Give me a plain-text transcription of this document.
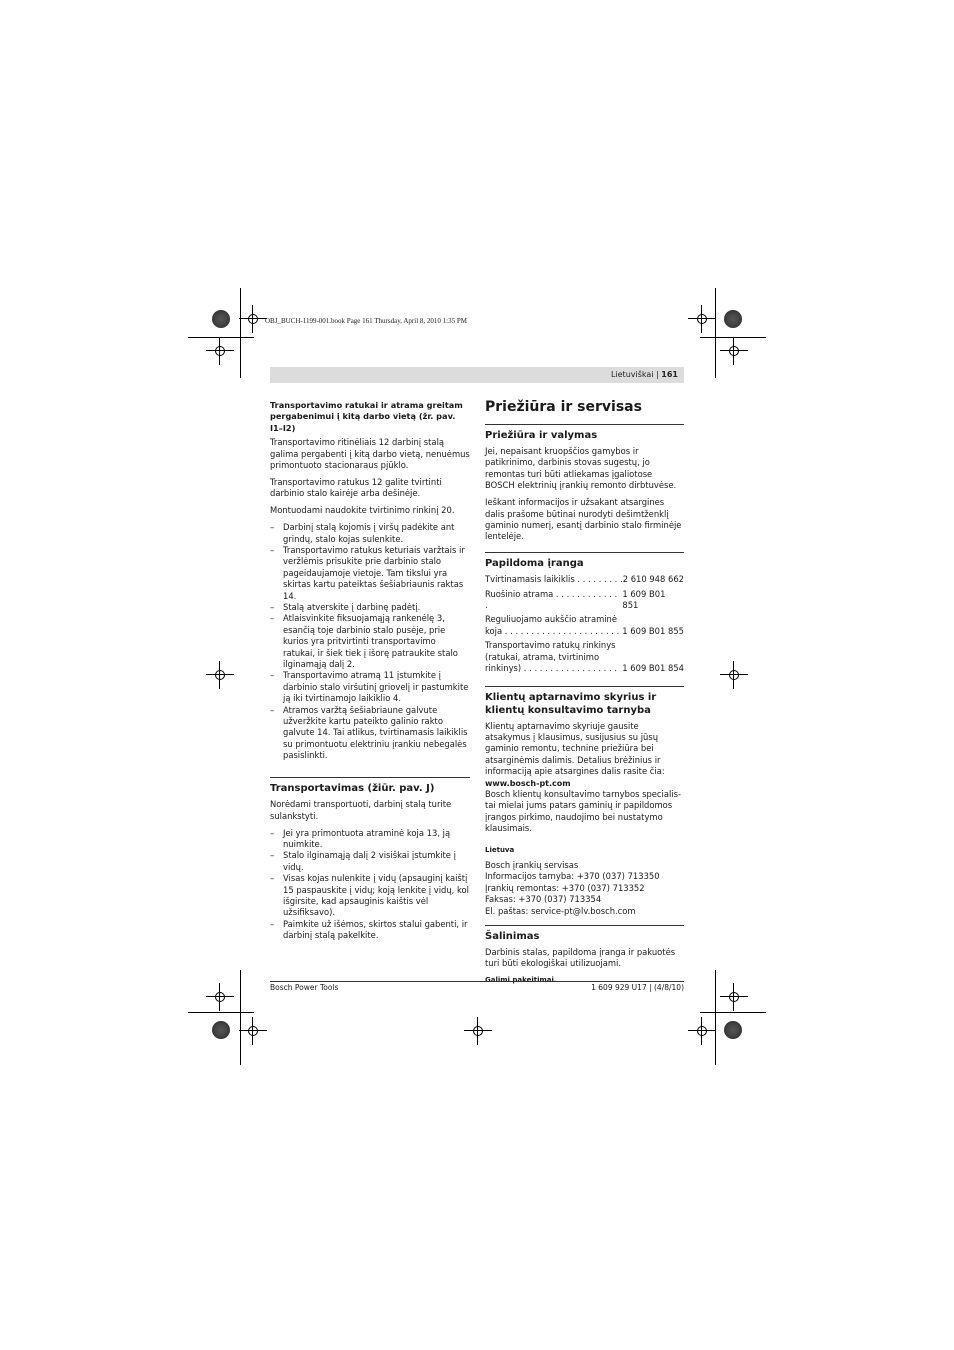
OBJ_BUCH-1199-001.book Page 161 Thursday, April 8, 2010 1:35 PM
Lietuviškai | 161
Transportavimo ratukai ir atrama greitam
pergabenimui į kitą darbo vietą (žr. pav. I1–I2)

Transportavimo ritinėliais 12 darbinį stalą galima pergabenti į kitą darbo vietą, nenuėmus primontuoto stacionaraus pjūklo.

Transportavimo ratukus 12 galite tvirtinti darbinio stalo kairėje arba dešinėje.

Montuodami naudokite tvirtinimo rinkinį 20.

– Darbinį stalą kojomis į viršų padėkite ant grindų, stalo kojas sulenkite.
– Transportavimo ratukus keturiais varžtais ir veržlėmis prisukite prie darbinio stalo pageidaujamoje vietoje. Tam tikslui yra skirtas kartu pateiktas šešiabriaunis raktas 14.
– Stalą atverskite į darbinę padėtį.
– Atlaisvinkite fiksuojamąją rankenėlę 3, esančią toje darbinio stalo pusėje, prie kurios yra pritvirtinti transportavimo ratukai, ir šiek tiek į išorę patraukite stalo ilginamąją dalį 2.
– Transportavimo atramą 11 įstumkite į darbinio stalo viršutinį griovelį ir pastumkite ją iki tvirtinamojo laikiklio 4.
– Atramos varžtą šešiabriaune galvute užveržkite kartu pateikto galinio rakto galvute 14. Tai atlikus, tvirtinamasis laikiklis su primontuotu elektriniu įrankiu nebegalės pasislinkti.
Transportavimas (žiūr. pav. J)

Norėdami transportuoti, darbinį stalą turite sulankstyti.

– Jei yra primontuota atraminė koja 13, ją nuimkite.
– Stalo ilginamąją dalį 2 visiškai įstumkite į vidų.
– Visas kojas nulenkite į vidų (apsauginį kaištį 15 paspauskite į vidų; koją lenkite į vidų, kol išgirsite, kad apsauginis kaištis vėl užsifiksavo).
– Paimkite už išėmos, skirtos stalui gabenti, ir darbinį stalą pakelkite.
Priežiūra ir servisas
Priežiūra ir valymas

Jei, nepaisant kruopščios gamybos ir patikrinimo, darbinis stovas sugestų, jo remontas turi būti atliekamas įgaliotose BOSCH elektrinių įrankių remonto dirbtuvėse.

Ieškant informacijos ir užsakant atsargines dalis prašome būtinai nurodyti dešimtženklį gaminio numerį, esantį darbinio stalo firminėje lentelėje.

Papildoma įranga
Tvirtinamasis laikiklis . . . . . . . . . 2 610 948 662
Ruošinio atrama . . . . . . . . . . . . .
1 609 B01 851
Reguliuojamo aukščio atraminė
koja . . . . . . . . . . . . . . . . . . . . . . 1 609 B01 855
Transportavimo ratukų rinkinys
(ratukai, atrama, tvirtinimo
rinkinys) . . . . . . . . . . . . . . . . . . 1 609 B01 854
Klientų aptarnavimo skyrius ir klientų konsultavimo tarnyba

Klientų aptarnavimo skyriuje gausite atsakymus į klausimus, susijusius su jūsų gaminio remontu, technine priežiūra bei atsarginėmis dalimis. Detalius brėžinius ir informaciją apie atsargines dalis rasite čia:

www.bosch-pt.com

Bosch klientų konsultavimo tarnybos specialistai mielai jums patars gaminių ir papildomos įrangos pirkimo, naudojimo bei nustatymo klausimais.

Lietuva
Bosch įrankių servisas
Informacijos tarnyba: +370 (037) 713350
Įrankių remontas: +370 (037) 713352
Faksas: +370 (037) 713354
El. paštas: service-pt@lv.bosch.com
Šalinimas

Darbinis stalas, papildoma įranga ir pakuotės turi būti ekologiškai utilizuojami.

Galimi pakeitimai.
Bosch Power Tools	1 609 929 U17 | (4/8/10)
